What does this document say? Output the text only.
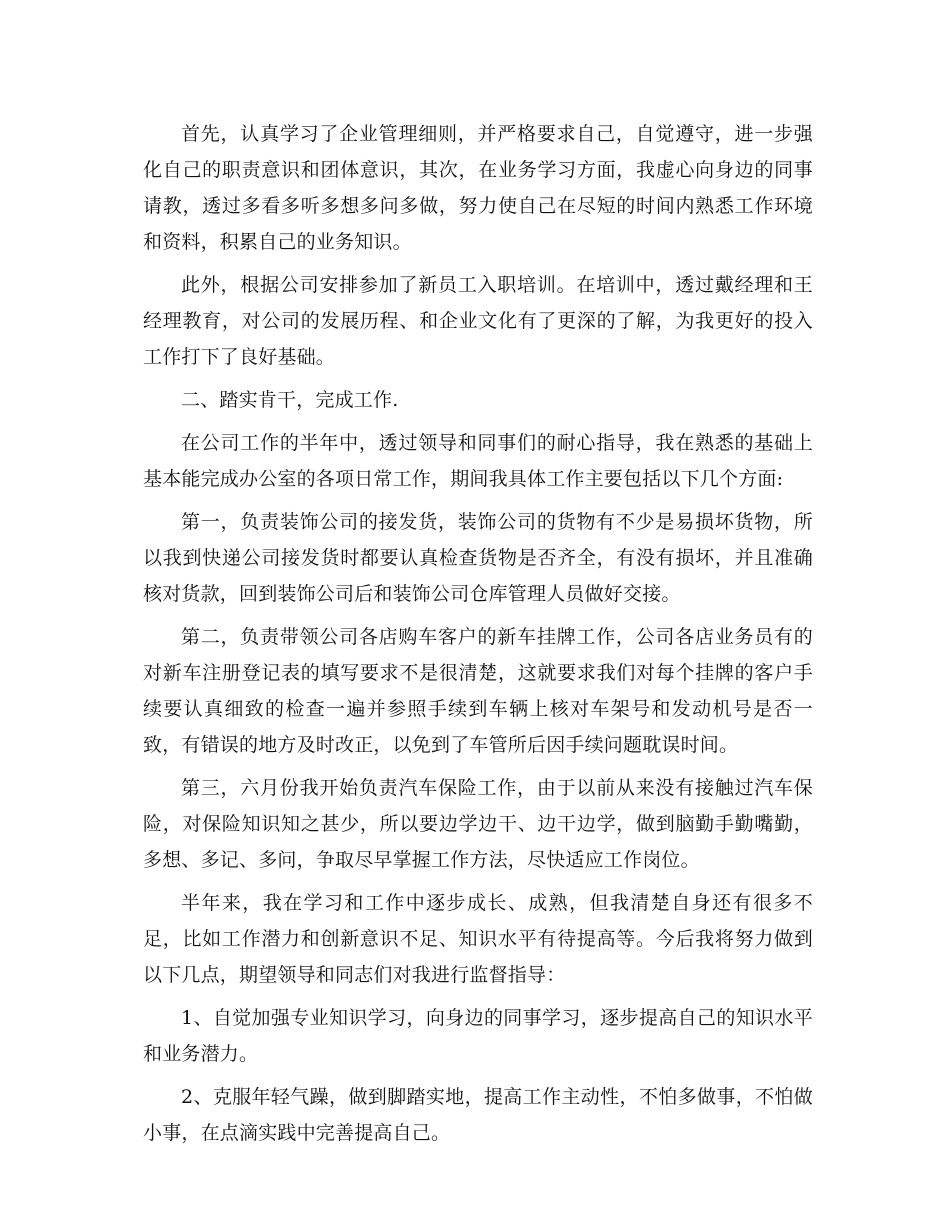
首先，认真学习了企业管理细则，并严格要求自己，自觉遵守，进一步强化自己的职责意识和团体意识，其次，在业务学习方面，我虚心向身边的同事请教，透过多看多听多想多问多做，努力使自己在尽短的时间内熟悉工作环境和资料，积累自己的业务知识。

此外，根据公司安排参加了新员工入职培训。在培训中，透过戴经理和王经理教育，对公司的发展历程、和企业文化有了更深的了解，为我更好的投入工作打下了良好基础。

二、踏实肯干，完成工作.

在公司工作的半年中，透过领导和同事们的耐心指导，我在熟悉的基础上基本能完成办公室的各项日常工作，期间我具体工作主要包括以下几个方面:

第一，负责装饰公司的接发货，装饰公司的货物有不少是易损坏货物，所以我到快递公司接发货时都要认真检查货物是否齐全，有没有损坏，并且准确核对货款，回到装饰公司后和装饰公司仓库管理人员做好交接。

第二，负责带领公司各店购车客户的新车挂牌工作，公司各店业务员有的对新车注册登记表的填写要求不是很清楚，这就要求我们对每个挂牌的客户手续要认真细致的检查一遍并参照手续到车辆上核对车架号和发动机号是否一致，有错误的地方及时改正，以免到了车管所后因手续问题耽误时间。

第三，六月份我开始负责汽车保险工作，由于以前从来没有接触过汽车保险，对保险知识知之甚少，所以要边学边干、边干边学，做到脑勤手勤嘴勤，多想、多记、多问，争取尽早掌握工作方法，尽快适应工作岗位。

半年来，我在学习和工作中逐步成长、成熟，但我清楚自身还有很多不足，比如工作潜力和创新意识不足、知识水平有待提高等。今后我将努力做到以下几点，期望领导和同志们对我进行监督指导：

1、自觉加强专业知识学习，向身边的同事学习，逐步提高自己的知识水平和业务潜力。

2、克服年轻气躁，做到脚踏实地，提高工作主动性，不怕多做事，不怕做小事，在点滴实践中完善提高自己。
